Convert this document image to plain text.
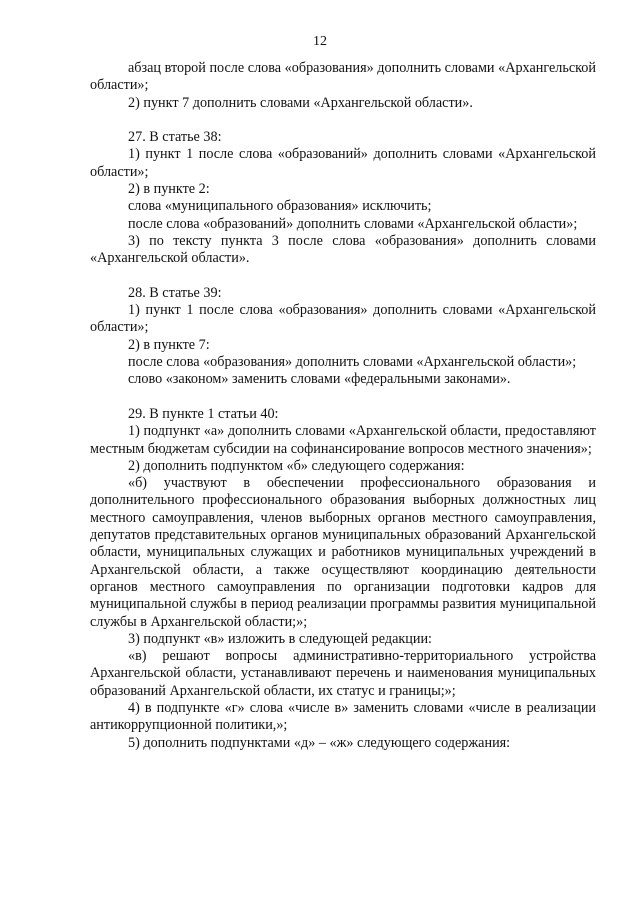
12

абзац второй после слова «образования» дополнить словами «Архангельской области»;

2) пункт 7 дополнить словами «Архангельской области».

27. В статье 38:

1) пункт 1 после слова «образований» дополнить словами «Архангельской области»;

2) в пункте 2:

слова «муниципального образования» исключить;

после слова «образований» дополнить словами «Архангельской области»;

3) по тексту пункта 3 после слова «образования» дополнить словами «Архангельской области».

28. В статье 39:

1) пункт 1 после слова «образования» дополнить словами «Архангельской области»;

2) в пункте 7:

после слова «образования» дополнить словами «Архангельской области»;

слово «законом» заменить словами «федеральными законами».

29. В пункте 1 статьи 40:

1) подпункт «а» дополнить словами «Архангельской области, предоставляют местным бюджетам субсидии на софинансирование вопросов местного значения»;

2) дополнить подпунктом «б» следующего содержания:

«б) участвуют в обеспечении профессионального образования и дополнительного профессионального образования выборных должностных лиц местного самоуправления, членов выборных органов местного самоуправления, депутатов представительных органов муниципальных образований Архангельской области, муниципальных служащих и работников муниципальных учреждений в Архангельской области, а также осуществляют координацию деятельности органов местного самоуправления по организации подготовки кадров для муниципальной службы в период реализации программы развития муниципальной службы в Архангельской области;»;

3) подпункт «в» изложить в следующей редакции:

«в) решают вопросы административно-территориального устройства Архангельской области, устанавливают перечень и наименования муниципальных образований Архангельской области, их статус и границы;»;

4) в подпункте «г» слова «числе в» заменить словами «числе в реализации антикоррупционной политики,»;

5) дополнить подпунктами «д» – «ж» следующего содержания:
